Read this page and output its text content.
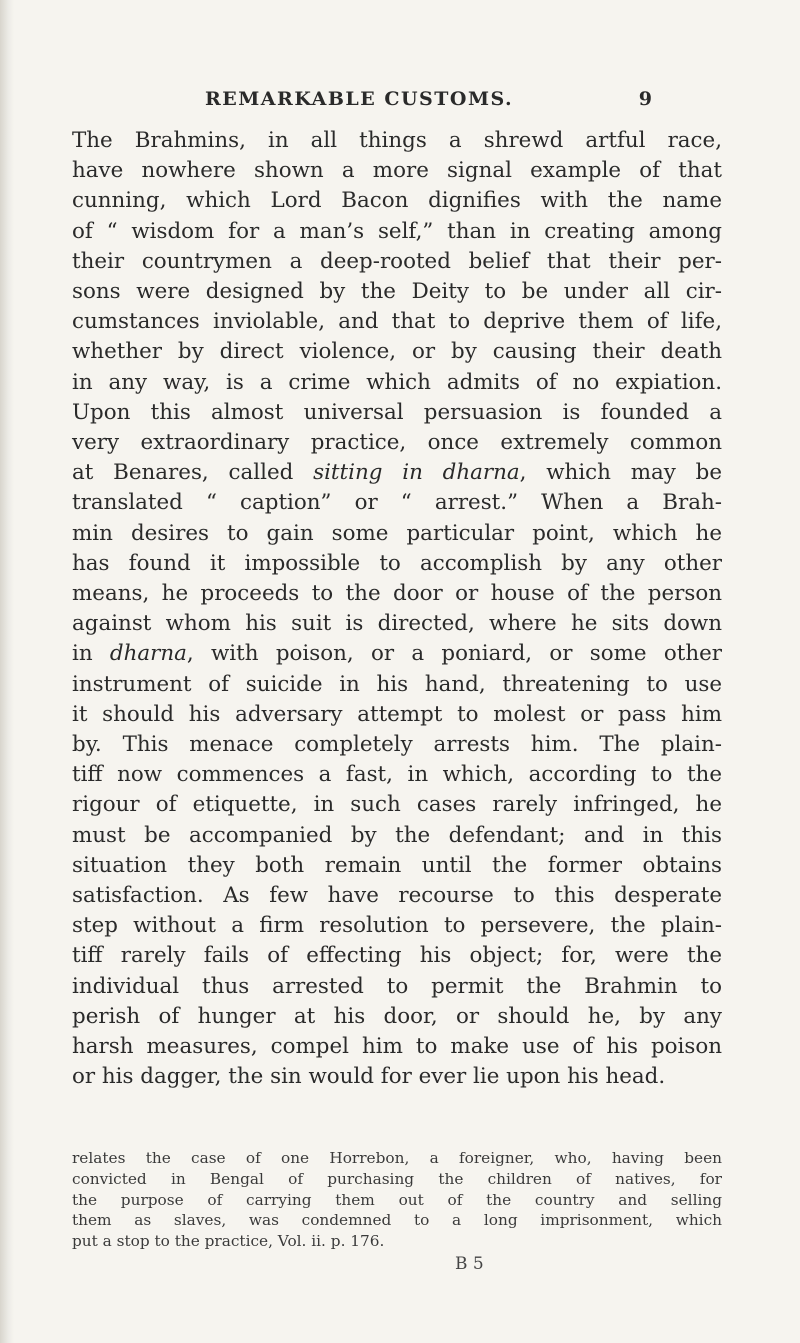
REMARKABLE CUSTOMS.	9
The Brahmins, in all things a shrewd artful race,
have nowhere shown a more signal example of that
cunning, which Lord Bacon dignifies with the name
of “ wisdom for a man’s self,” than in creating among
their countrymen a deep-rooted belief that their per-
sons were designed by the Deity to be under all cir-
cumstances inviolable, and that to deprive them of life,
whether by direct violence, or by causing their death
in any way, is a crime which admits of no expiation.
Upon this almost universal persuasion is founded a
very extraordinary practice, once extremely common
at Benares, called sitting in dharna, which may be
translated “ caption” or “ arrest.” When a Brah-
min desires to gain some particular point, which he
has found it impossible to accomplish by any other
means, he proceeds to the door or house of the person
against whom his suit is directed, where he sits down
in dharna, with poison, or a poniard, or some other
instrument of suicide in his hand, threatening to use
it should his adversary attempt to molest or pass him
by. This menace completely arrests him. The plain-
tiff now commences a fast, in which, according to the
rigour of etiquette, in such cases rarely infringed, he
must be accompanied by the defendant; and in this
situation they both remain until the former obtains
satisfaction. As few have recourse to this desperate
step without a firm resolution to persevere, the plain-
tiff rarely fails of effecting his object; for, were the
individual thus arrested to permit the Brahmin to
perish of hunger at his door, or should he, by any
harsh measures, compel him to make use of his poison
or his dagger, the sin would for ever lie upon his head.
relates the case of one Horrebon, a foreigner, who, having been
convicted in Bengal of purchasing the children of natives, for
the purpose of carrying them out of the country and selling
them as slaves, was condemned to a long imprisonment, which
put a stop to the practice, Vol. ii. p. 176.
B 5
